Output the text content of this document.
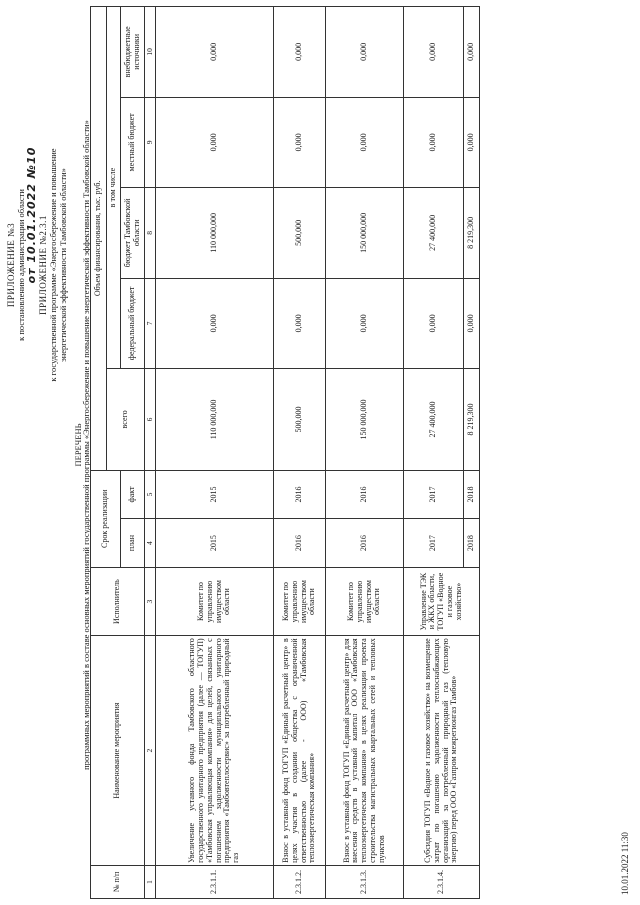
ПРИЛОЖЕНИЕ №3 к постановлению администрации области от 10.01.2022 №10 ПРИЛОЖЕНИЕ №2.3.1 к государственной программе «Энергосбережение и повышение энергетической эффективности Тамбовской области»
ПЕРЕЧЕНЬ
программных мероприятий в составе основных мероприятий государственной программы «Энергосбережение и повышение энергетической эффективности Тамбовской области»
№ п/п	Наименование мероприятия	Исполнитель	Срок реализации		Объем финансирования, тыс. руб.				
					всего	в том числе			
			план	факт		федеральный бюджет	бюджет Тамбовской области	местный бюджет	внебюджетные источники

1	2	3	4	5	6	7	8	9	10
2.3.1.1.	Увеличение уставного фонда Тамбовского областного государственного унитарного предприятия (далее — ТОГУП) «Тамбовская управляющая компания» для целей, связанных с погашением задолженности муниципального унитарного предприятия «Тамбовтеплосервис» за потребленный природный газ	Комитет по управлению имуществом области	2015	2015	110 000,000	0,000	110 000,000	0,000	0,000
2.3.1.2.	Взнос в уставный фонд ТОГУП «Единый расчетный центр» в целях участия в создании общества с ограниченной ответственностью (далее - ООО) «Тамбовская теплоэнергетическая компания»	Комитет по управлению имуществом области	2016	2016	500,000	0,000	500,000	0,000	0,000
2.3.1.3.	Взнос в уставный фонд ТОГУП «Единый расчетный центр» для внесения средств в уставный капитал ООО «Тамбовская теплоэнергетическая компания» в целях реализации проекта строительства магистральных квартальных сетей и тепловых пунктов	Комитет по управлению имуществом области	2016	2016	150 000,000	0,000	150 000,000	0,000	0,000
2.3.1.4.	Субсидия ТОГУП «Водное и газовое хозяйство» на возмещение затрат по погашению задолженности теплоснабжающих организаций за потребленный природный газ (тепловую энергию) перед ООО «Газпром межрегионгаз Тамбов»	Управление ТЭК и ЖКХ области, ТОГУП «Водное и газовое хозяйство»	2017	2017	27 400,000	0,000	27 400,000	0,000	0,000
			2018	2018	8 219,300	0,000	8 219,300	0,000	0,000
10.01.2022 11:30
